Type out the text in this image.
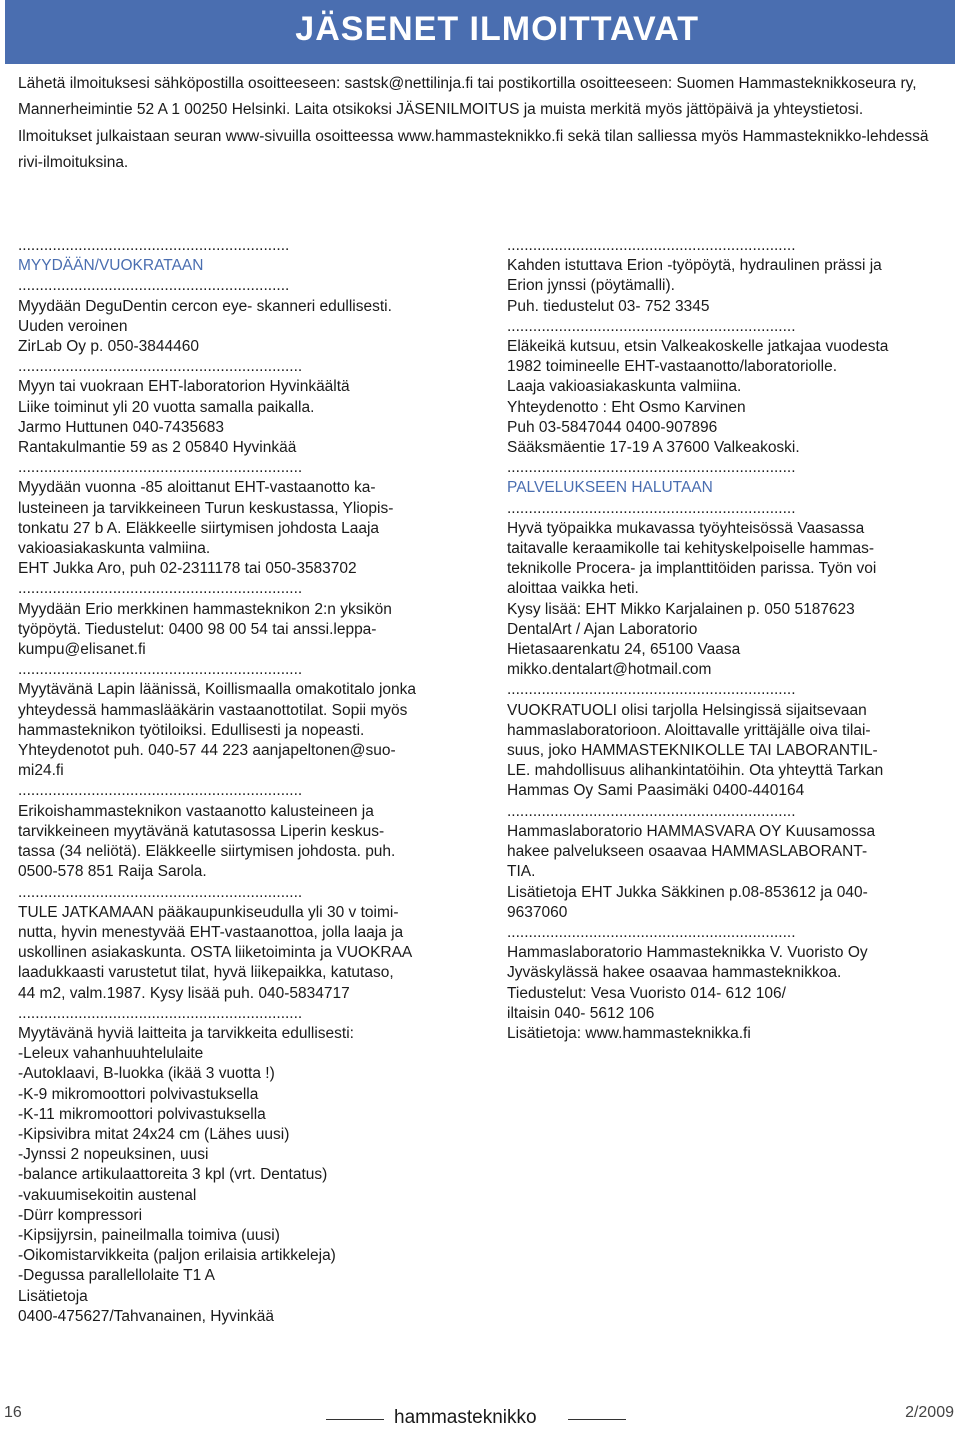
JÄSENET ILMOITTAVAT

Lähetä ilmoituksesi sähköpostilla osoitteeseen: sastsk@nettilinja.fi tai postikortilla osoitteeseen: Suomen Hammasteknikkoseura ry, Mannerheimintie 52 A 1 00250 Helsinki. Laita otsikoksi JÄSENILMOITUS ja muista merkitä myös jättöpäivä ja yhteystietosi.

Ilmoitukset julkaistaan seuran www-sivuilla osoitteessa www.hammasteknikko.fi sekä tilan salliessa myös Hammasteknikko-lehdessä rivi-ilmoituksina.

...............................................................
MYYDÄÄN/VUOKRATAAN
...............................................................
Myydään DeguDentin cercon eye- skanneri edullisesti.
Uuden veroinen
ZirLab Oy p. 050-3844460
..................................................................
Myyn tai vuokraan EHT-laboratorion Hyvinkäältä
Liike toiminut yli 20 vuotta samalla paikalla.
Jarmo Huttunen 040-7435683
Rantakulmantie 59 as 2 05840 Hyvinkää
..................................................................
Myydään vuonna -85 aloittanut EHT-vastaanotto ka-
lusteineen ja tarvikkeineen Turun keskustassa, Yliopis-
tonkatu 27 b A. Eläkkeelle siirtymisen johdosta Laaja
vakioasiakaskunta valmiina.
EHT Jukka Aro, puh 02-2311178 tai 050-3583702
..................................................................
Myydään Erio merkkinen hammasteknikon 2:n yksikön
työpöytä. Tiedustelut: 0400 98 00 54 tai anssi.leppa-
kumpu@elisanet.fi
..................................................................
Myytävänä Lapin läänissä, Koillismaalla omakotitalo jonka
yhteydessä hammaslääkärin vastaanottotilat. Sopii myös
hammasteknikon työtiloiksi. Edullisesti ja nopeasti.
Yhteydenotot puh. 040-57 44 223 aanjapeltonen@suo-
mi24.fi
..................................................................
Erikoishammasteknikon vastaanotto kalusteineen ja
tarvikkeineen myytävänä katutasossa Liperin keskus-
tassa (34 neliötä). Eläkkeelle siirtymisen johdosta. puh.
0500-578 851 Raija Sarola.
..................................................................
TULE JATKAMAAN pääkaupunkiseudulla yli 30 v toimi-
nutta, hyvin menestyvää EHT-vastaanottoa, jolla laaja ja
uskollinen asiakaskunta. OSTA liiketoiminta ja VUOKRAA
laadukkaasti varustetut tilat, hyvä liikepaikka, katutaso,
44 m2, valm.1987. Kysy lisää puh. 040-5834717
..................................................................
Myytävänä hyviä laitteita ja tarvikkeita edullisesti:
-Leleux vahanhuuhtelulaite
-Autoklaavi, B-luokka (ikää 3 vuotta !)
-K-9 mikromoottori polvivastuksella
-K-11 mikromoottori polvivastuksella
-Kipsivibra mitat 24x24 cm (Lähes uusi)
-Jynssi 2 nopeuksinen, uusi
-balance artikulaattoreita 3 kpl (vrt. Dentatus)
-vakuumisekoitin austenal
-Dürr kompressori
-Kipsijyrsin, paineilmalla toimiva (uusi)
-Oikomistarvikkeita (paljon erilaisia artikkeleja)
-Degussa parallellolaite T1 A
Lisätietoja
0400-475627/Tahvanainen, Hyvinkää
...................................................................
Kahden istuttava Erion -työpöytä, hydraulinen prässi ja
Erion jynssi (pöytämalli).
Puh. tiedustelut 03- 752 3345
...................................................................
Eläkeikä kutsuu, etsin Valkeakoskelle jatkajaa vuodesta
1982 toimineelle EHT-vastaanotto/laboratoriolle.
Laaja vakioasiakaskunta valmiina.
Yhteydenotto : Eht Osmo Karvinen
Puh 03-5847044 0400-907896
Sääksmäentie 17-19 A 37600 Valkeakoski.
...................................................................
PALVELUKSEEN HALUTAAN
...................................................................
Hyvä työpaikka mukavassa työyhteisössä Vaasassa
taitavalle keraamikolle tai kehityskelpoiselle hammas-
teknikolle Procera- ja implanttitöiden parissa. Työn voi
aloittaa vaikka heti.
Kysy lisää: EHT Mikko Karjalainen p. 050 5187623
DentalArt / Ajan Laboratorio
Hietasaarenkatu 24, 65100 Vaasa
mikko.dentalart@hotmail.com
...................................................................
VUOKRATUOLI olisi tarjolla Helsingissä sijaitsevaan
hammaslaboratorioon. Aloittavalle yrittäjälle oiva tilai-
suus, joko HAMMASTEKNIKOLLE TAI LABORANTIL-
LE. mahdollisuus alihankintatöihin. Ota yhteyttä Tarkan
Hammas Oy Sami Paasimäki 0400-440164
...................................................................
Hammaslaboratorio HAMMASVARA OY Kuusamossa
hakee palvelukseen osaavaa HAMMASLABORANT-
TIA.
Lisätietoja EHT Jukka Säkkinen p.08-853612 ja 040-
9637060
...................................................................
Hammaslaboratorio Hammasteknikka V. Vuoristo Oy
Jyväskylässä hakee osaavaa hammasteknikkoa.
Tiedustelut: Vesa Vuoristo 014- 612 106/
iltaisin 040- 5612 106
Lisätietoja: www.hammasteknikka.fi
16	hammasteknikko	2/2009
